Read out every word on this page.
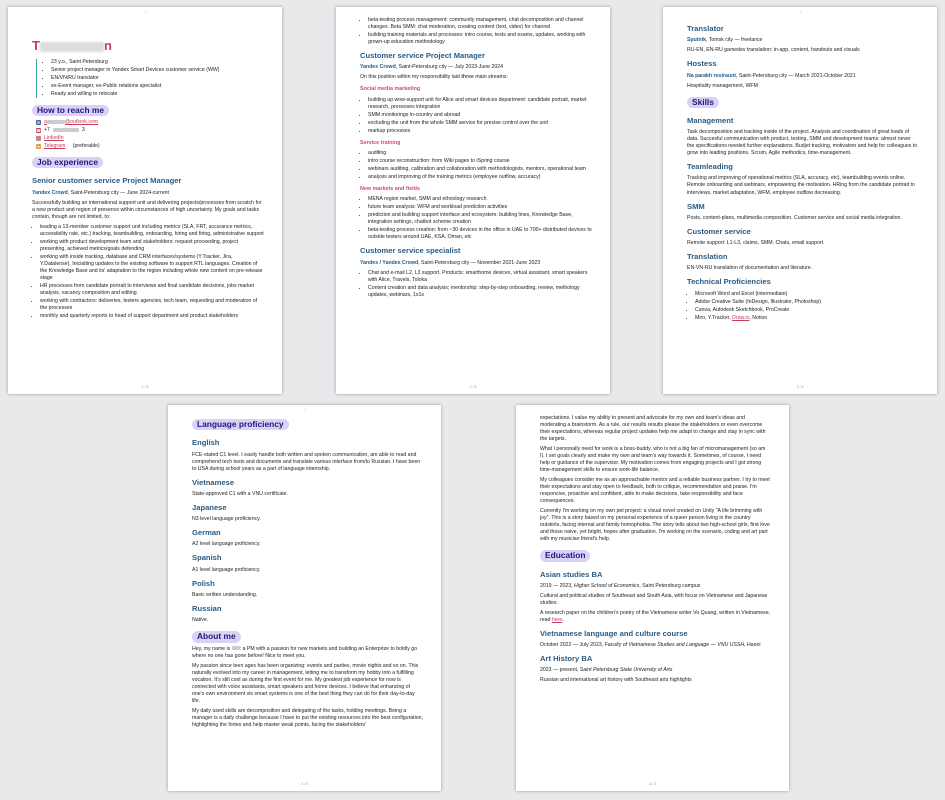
T	n
• 23 y.o., Saint Petersburg
• Senior project manager in Yandex Smart Devices customer service (WW)
• EN/VN/RU translator
• ex-Event manager, ex-Public relations specialist
• Ready and willing to relocate
How to reach me
✉ a	@outlook.com
☎ +7	3
🔗 LinkedIn
➤ Telegram
(preferable)
Job experience
Senior customer service Project Manager

Yandex Crowd, Saint-Petersburg city — June 2024-current

Successfully building an international support unit and delivering projects/processes from scratch for a new product and region of presence within circumstances of high uncertainty. My goals and tasks contain, though are not limited, to:

• leading a 13-member customer support unit including metrics (SLA, FRT, accurance metrics, accessibility rate, etc.) tracking, teambuilding, onboarding, hiring and firing, administrative support
• working with product development team and stakeholders: request proceeding, project presenting, achieved metrics/goals defending
• working with inside tracking, database and CRM interfaces/systems (Y.Tracker, Jira, Y.Datalense). Inicialting updates to the existing software to support RTL languages. Creation of the Knowledge Base and its' adaptation to the region including whole new content on pre-release stage
• HR processes from candidate portrait to interviews and final candidate decisions, jobs market analysis, vacancy composition and editing
• working with contractors: deliveries, testers agencies, tech team, requesting and moderation of the processes
• monthly and quarterly reports to head of support department and product stakeholders
1 / 5
• beta-testing process management: community management, chat decomposition and channel changes. Beta SMM: chat moderation, creating content (text, video) for channel
• building training materials and processes: intro course, tests and exams, updates, working with grown-up education methodology
Customer service Project Manager

Yandex Crowd, Saint-Petersburg city — July 2023-June 2024

On this position within my responsibility laid three main streams:

Social media marketing
• building up wow-support unit for Alice and smart devices department: candidate portrait, market research, processes integration
• SMM monitorings in-country and abroad
• excluding the unit from the whole SMM service for precise control over the unit
• markup processes
Service training
• auditing
• intro course reconstruction: from Wiki pages to iSpring course
• webinars auditing, calibration and collaboration with methodologists, mentors, operational team
• analysis and improving of the training metrics (employee outflow, accuracy)
New markets and fields
• MENA region market, SMM and ethnology research
• future team analysis: WFM and workload prediction activities
• prediction and building support interface and ecosystem: building lines, Knowledge Base, integration settings, chatbot scheme creation
• beta-testing process creation: from ~30 devices in the office in UAE to 700+ distributed devices to outside testers around UAE, KSA, Oman, etc
Customer service specialist

Yandex / Yandex Crowd, Saint-Petersburg city — November 2021-June 2023

• Chat and e-mail L2, L3 support. Products: smarthome devices, virtual assistant, smart speakers with Alice, Travels, Toloka
• Content creation and data analysis; mentorship: step-by-step onboarding, review, methology updates, webinars, 1x1s
2 / 5
Translator

Sputnik, Tomsk city — freelance

RU-EN, EN-RU gamedev translation: in-app, content, handouts and visuals

Hostess

Na parakh restraunt, Saint-Petersburg city — March 2021-October 2021

Hospitality management, WFM

Skills
Management

Task decomposition and tracking inside of the project. Analysis and coordination of great loads of data. Succesful communication with product, testing, SMM and development teams: almost never the specifications needed further explanations. Budjet tracking, motivation and help for colleagues to grow into leading positions. Scrum, Agile methodics, time-management.

Teamleading

Tracking and improving of operational metrics (SLA, accuracy, etc), teambuilding events online. Remote onboarding and webinars, empowering the motivation. HRing from the candidate portrait to interviews, market adaptation, WFM, employee outflow decreasing.

SMM

Posts, content-plans, multimedia composition. Customer service and social media integration.

Customer service

Remote support: L1-L3, claims, SMM. Chats, email support.

Translation

EN-VN-RU translation of documentation and literature.

Technical Proficiencies
• Microsoft Word and Excel (intermediate)
• Adobe Creative Suite (InDesign, Illustrator, Photoshop)
• Canva, Autodesk Sketchbook, ProCreate
• Miro, Y.Tracker, Draw.io, Notion
3 / 5
Language proficiency
English

FCE-stated C1 level. I easily handle both written and spoken communication, am able to read and comprehend tech texts and documents and translate various interface from/to Russian. I have been to USA during school years as a part of language internship.

Vietnamese

State-approved C1 with a VNU certificate.

Japanese

N3 level language proficiency.

German

A2 level language proficiency.

Spanish

A1 level language proficiency.

Polish

Basic written understanding.

Russian

Native.

About me

Hey, my name is : a PM with a passion for new markets and building an Enterprize to boldly go where no one has gone before! Nice to meet you.

My passion since teen ages has been organizing: events and parties, movie nights and so on. This naturally evolved into my career in management, letting me to transform my hobby into a fulfilling vocation. It's still cool as during the first event for me. My greatest job experience for now is connected with voice assistants, smart speakers and home devices. I believe that enhancing of one's own environment vis smart systems is one of the best thing they can do for their day-to-day life.

My daily used skills are decomposition and delegating of the tasks, holding meetings. Being a manager is a daily challenge because I have to put the existing resources into the best configuration, highlighting the fortes and help master weak points, facing the stakeholders'

4 / 5

expectations. I value my ability to present and advocate for my own and team's ideas and moderating a brainstorm. As a rule, our results results please the stakeholders or even overcome their expectations, whereas regular project updates help me adapt to change and stay in sync with the targets.

What I personally need for work is a boss-buddy, who is not a big fan of micromanagement (so am I). I set goals clearly and make my own and team's way towards it. Sometimes, of course, I need help or guidance of the supervisor. My motivation comes from engaging projects and I got strong time-management skills to ensure work-life balance.

My colleagues consider me as an approachable mentor and a reliable business partner. I try to meet their expectations and stay open to feedback, both to critique, recommendation and praise. I'm responcive, proactive and confident, able to make decisions, take responsibility and face consequences.

Currently I'm working on my own pet project: a visual novel created on Unity "A life brimming with joy". This is a story based on my personal experience of a queer person living in the country outskirts, facing internal and family homophobia. The story tells about two high-school girls, first love and those naive, yet bright, hopes after graduation. I'm working on the scenario, coding and art part with my musician friend's help.

Education
Asian studies BA

2019 — 2023, Higher School of Economics, Saint Petersburg campus

Cultural and political studies of Southeast and South Asia, with focus on Vietnamese and Japanese studies.

A research paper on the children's poetry of the Vietnamese writer Vo Quang, written in Vietnamese, read here.

Vietnamese language and culture course

October 2022 — July 2023, Faculty of Vietnamese Studies and Language — VNU USSH, Hanoi

Art History BA

2023 — present, Saint Petersburg State University of Arts

Russian and international art history with Southeast arts highlights

5 / 5
